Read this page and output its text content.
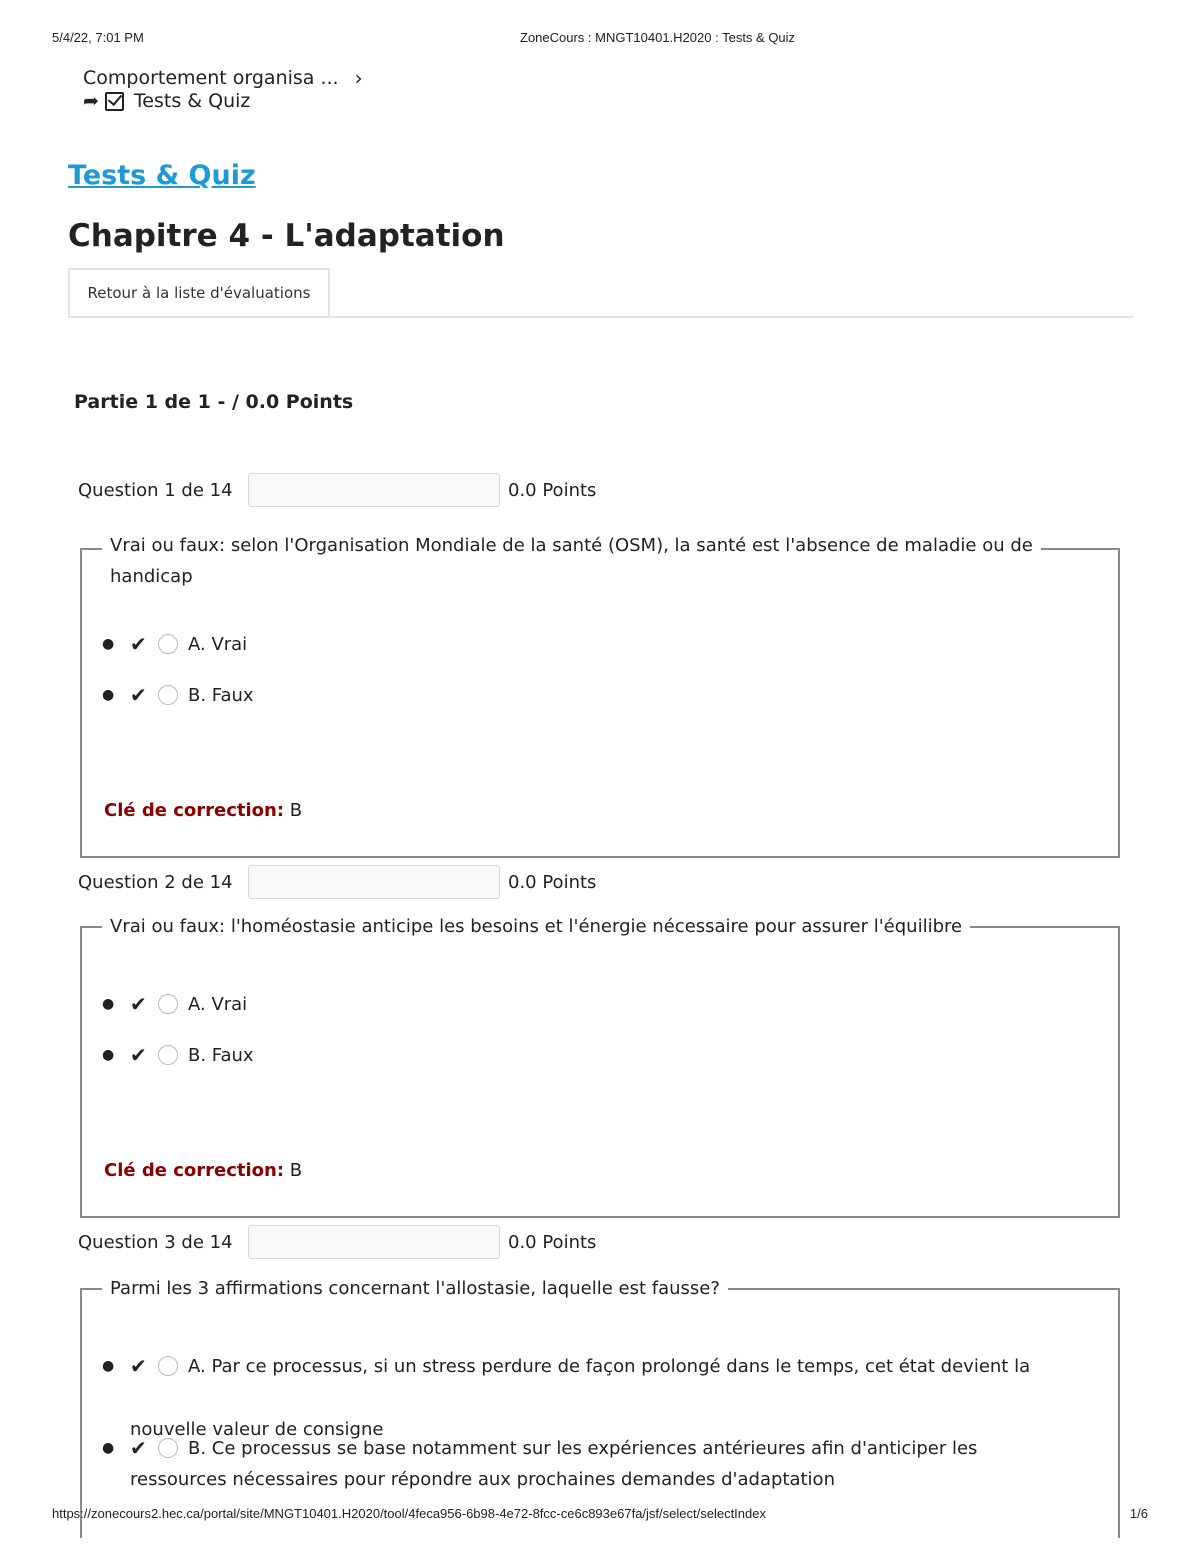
5/4/22, 7:01 PM	ZoneCours : MNGT10401.H2020 : Tests & Quiz
Comportement organisa ... ›
➦ Tests & Quiz
Tests & Quiz
Chapitre 4 - L'adaptation
Retour à la liste d'évaluations
Partie 1 de 1 - / 0.0 Points
Question 1 de 14	0.0 Points
Vrai ou faux: selon l'Organisation Mondiale de la santé (OSM), la santé est l'absence de maladie ou de
handicap
● ✔	A. Vrai
● ✔	B. Faux
Clé de correction: B
Question 2 de 14	0.0 Points
Vrai ou faux: l'homéostasie anticipe les besoins et l'énergie nécessaire pour assurer l'équilibre
● ✔	A. Vrai
● ✔	B. Faux
Clé de correction: B
Question 3 de 14	0.0 Points
Parmi les 3 affirmations concernant l'allostasie, laquelle est fausse?
● ✔	A. Par ce processus, si un stress perdure de façon prolongé dans le temps, cet état devient la
nouvelle valeur de consigne
● ✔	B. Ce processus se base notamment sur les expériences antérieures afin d'anticiper les
ressources nécessaires pour répondre aux prochaines demandes d'adaptation
https://zonecours2.hec.ca/portal/site/MNGT10401.H2020/tool/4feca956-6b98-4e72-8fcc-ce6c893e67fa/jsf/select/selectIndex	1/6
